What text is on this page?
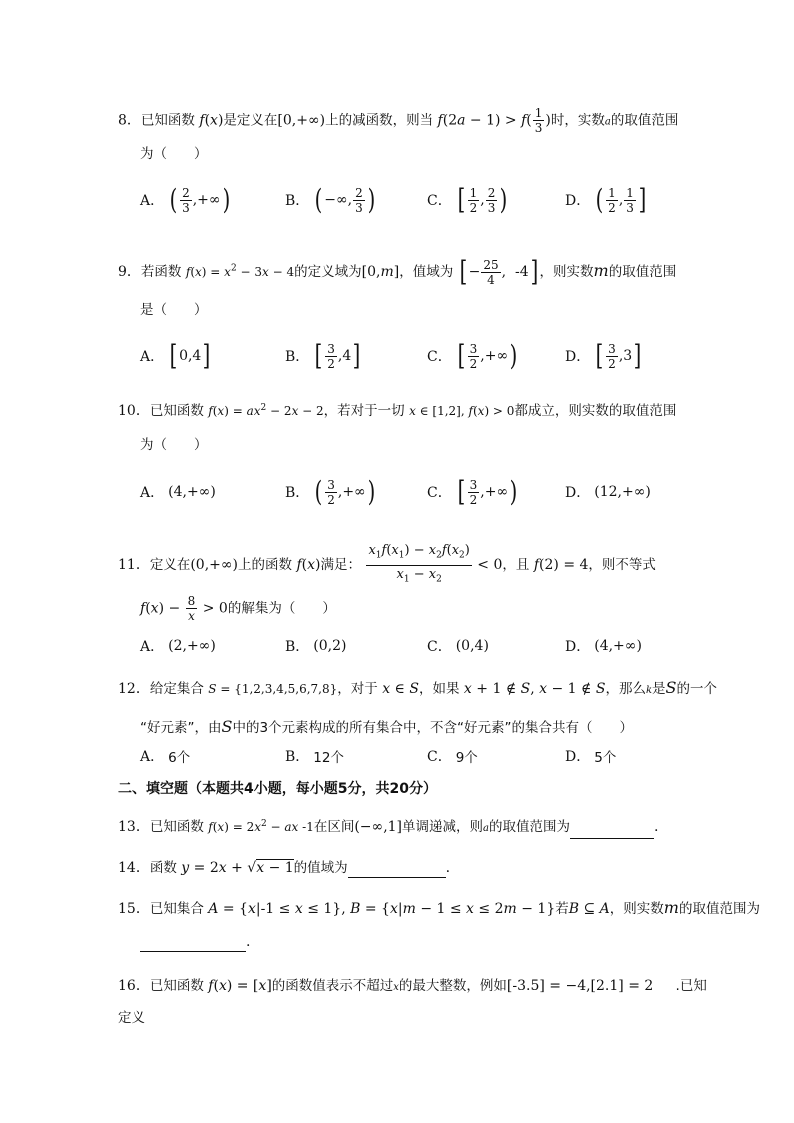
8．已知函数 f(x)是定义在[0,+∞)上的减函数，则当 $f(2a - 1) > f( \frac{1}{3}$ )时，实数a的取值范围
为（　　）
A． ( $\frac{2}{3}$ ,+∞ )	B． ( −∞, $\frac{2}{3}$ )	C． [ $\frac{1}{2}$ , $\frac{2}{3}$ )	D． ( $\frac{1}{2}$ , $\frac{1}{3}$ ]
9．若函数 $f(x) = x^2 - 3x - 4$的定义域为[0,m]，值域为 [ − $\frac{25}{4}$ ,  -4] ，则实数m的取值范围
是（　　）
A． [ 0,4 ]	B． [ $\frac{3}{2} ,4$ ]	C． [ $\frac{3}{2}$ ,+∞ )	D． [ $\frac{3}{2} ,3$ ]
10．已知函数 $f(x) = ax^2 - 2x - 2$，若对于一切 x ∈ [1,2], f(x) > 0都成立，则实数的取值范围
为（　　）
A． (4,+∞)	B． ( $\frac{3}{2}$ ,+∞ )	C． [ $\frac{3}{2}$ ,+∞ )	D． (12,+∞)
11．定义在(0,+∞)上的函数 f(x)满足： $\frac{x_1f(x_1) - x_2f(x_2)}{x_1 - x_2} < 0$，且 f(2) = 4，则不等式
$f(x) - \frac{8}{x} > 0$的解集为（　　）
A． (2,+∞)	B． (0,2)	C． (0,4)	D． (4,+∞)
12．给定集合 S = {1,2,3,4,5,6,7,8}，对于 x ∈ S，如果 x + 1 ∉ S, x − 1 ∉ S，那么k是S的一个
“好元素”，由S中的3个元素构成的所有集合中，不含“好元素”的集合共有（　　）
A． 6个	B． 12个	C． 9个	D． 5个
二、填空题（本题共4小题，每小题5分，共20分）
13．已知函数 $f(x) = 2x^2$ − ax -1在区间(−∞,1]单调递减，则a的取值范围为	.
14．函数 y = 2x + √x − 1的值域为	.
15．已知集合 A = {x|-1 ≤ x ≤ 1}, B = {x|m − 1 ≤ x ≤ 2m − 1}若B ⊆ A，则实数m的取值范围为
.
16．已知函数 f(x) = [x]的函数值表示不超过x的最大整数，例如[-3.5] = −4,[2.1] = 2     .已知
定义
